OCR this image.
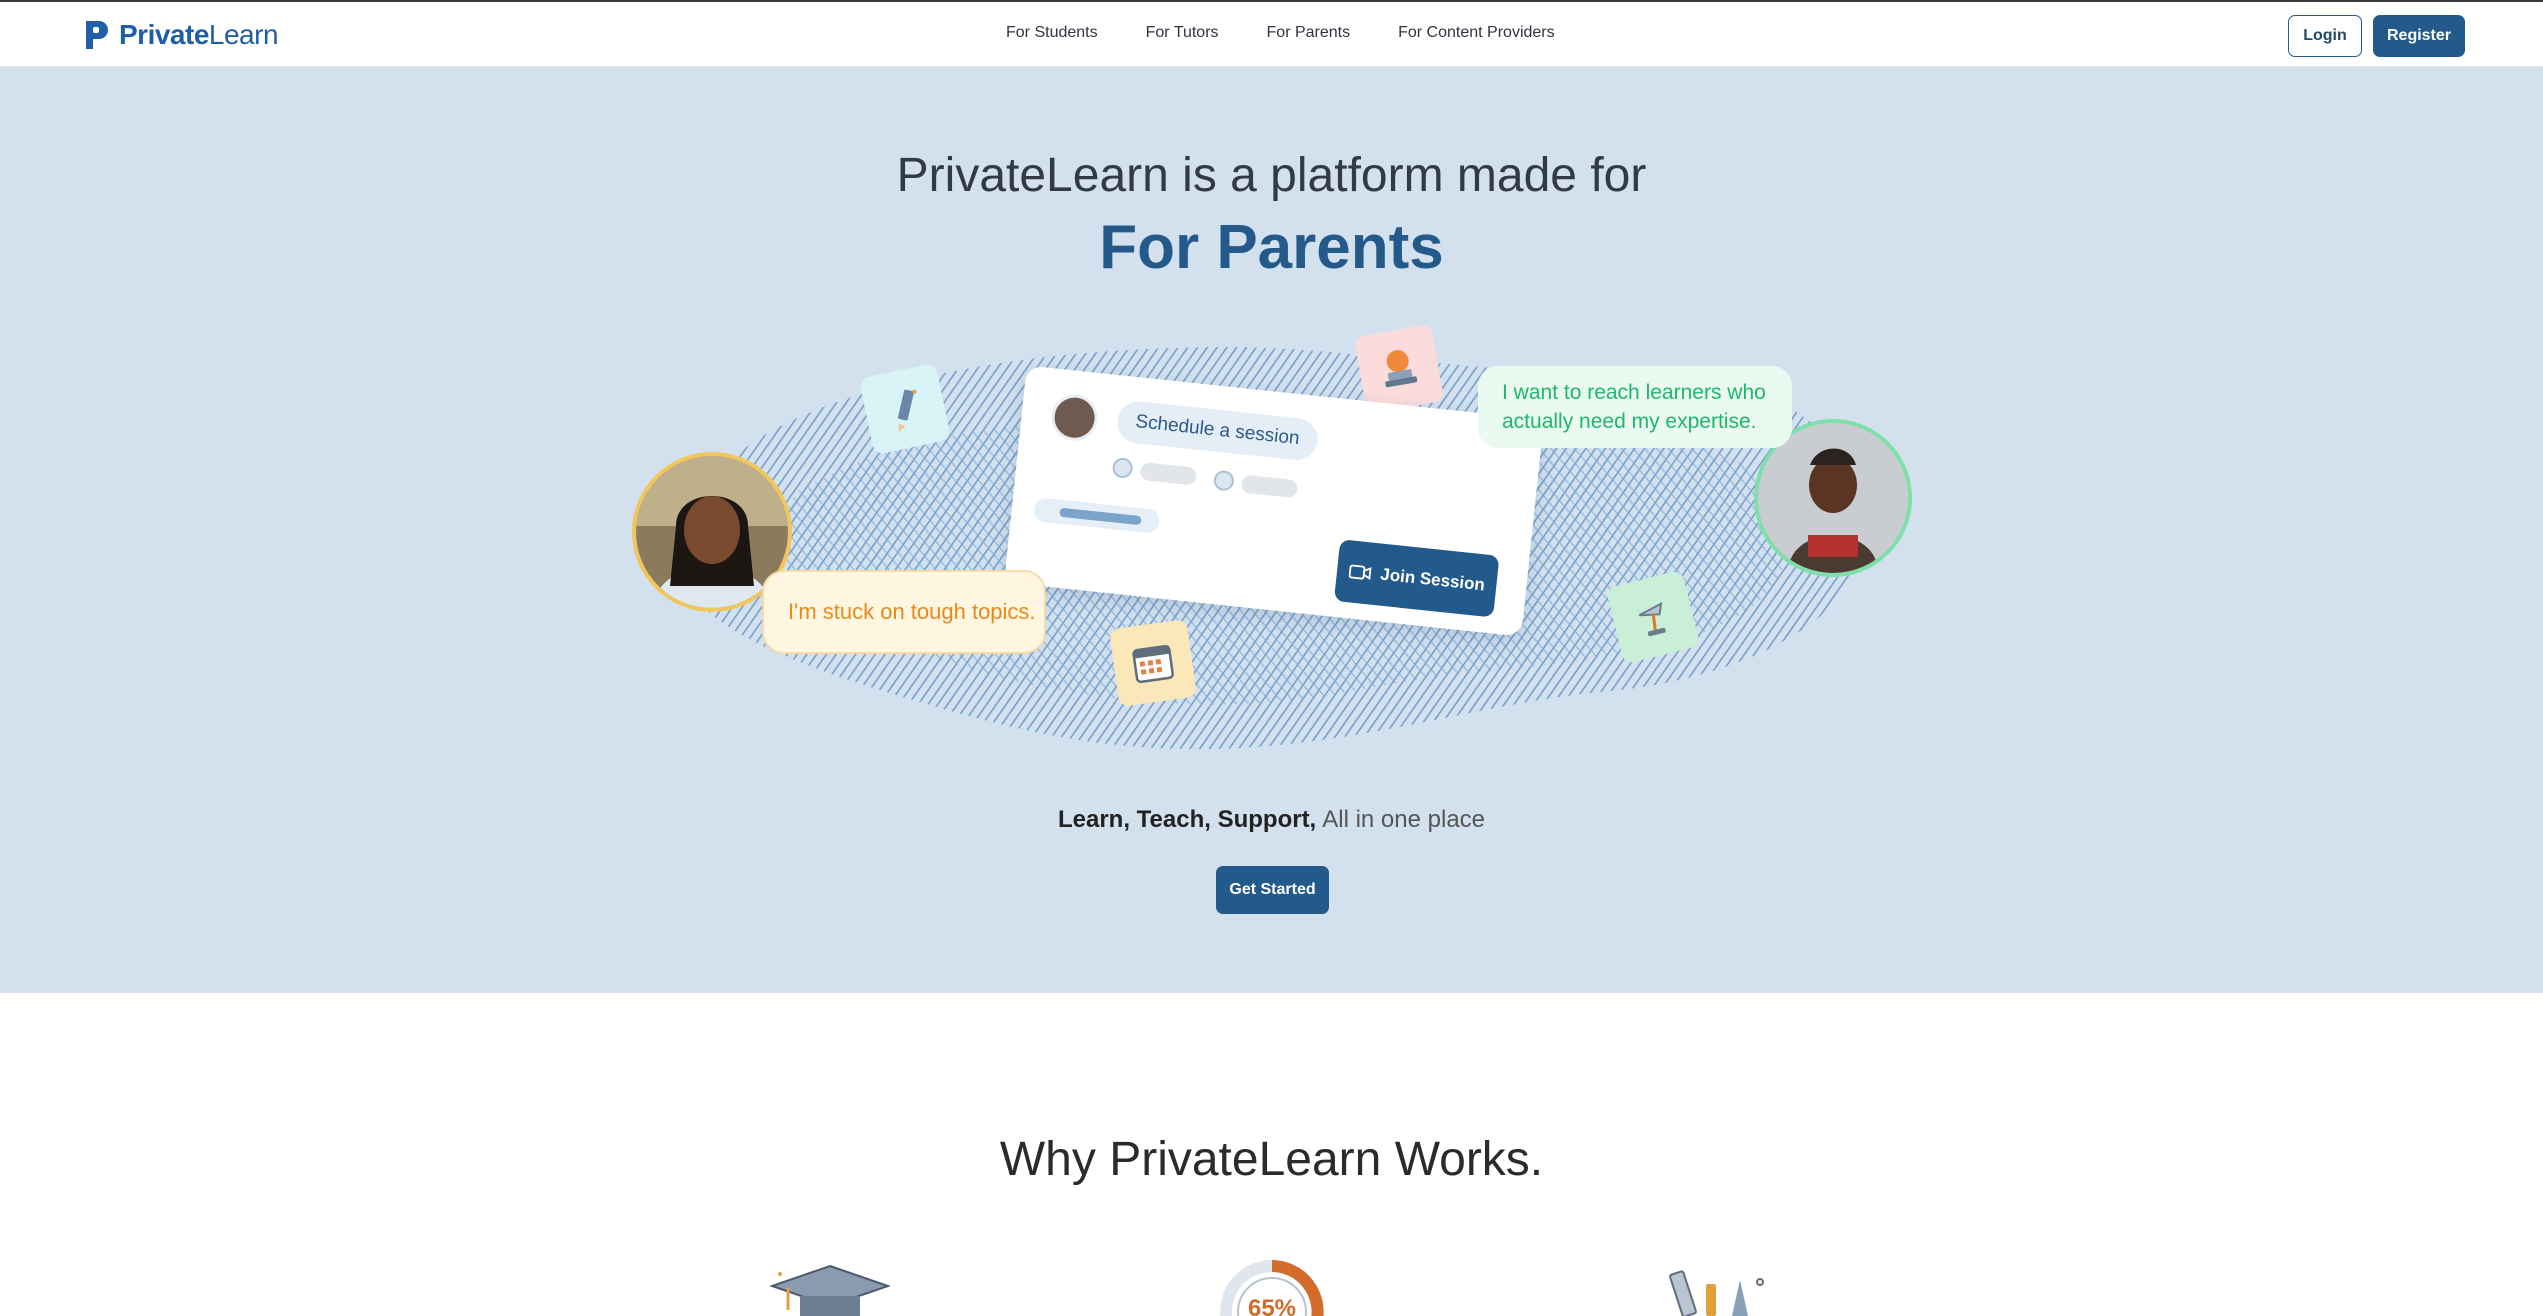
PrivateLearn	For Students	For Tutors	For Parents	For Content Providers	Login	Register
PrivateLearn is a platform made for
For Parents
Schedule a session
Join Session
I'm stuck on tough topics.
I want to reach learners who actually need my expertise.
Learn, Teach, Support, All in one place
Get Started
Why PrivateLearn Works.
65%
